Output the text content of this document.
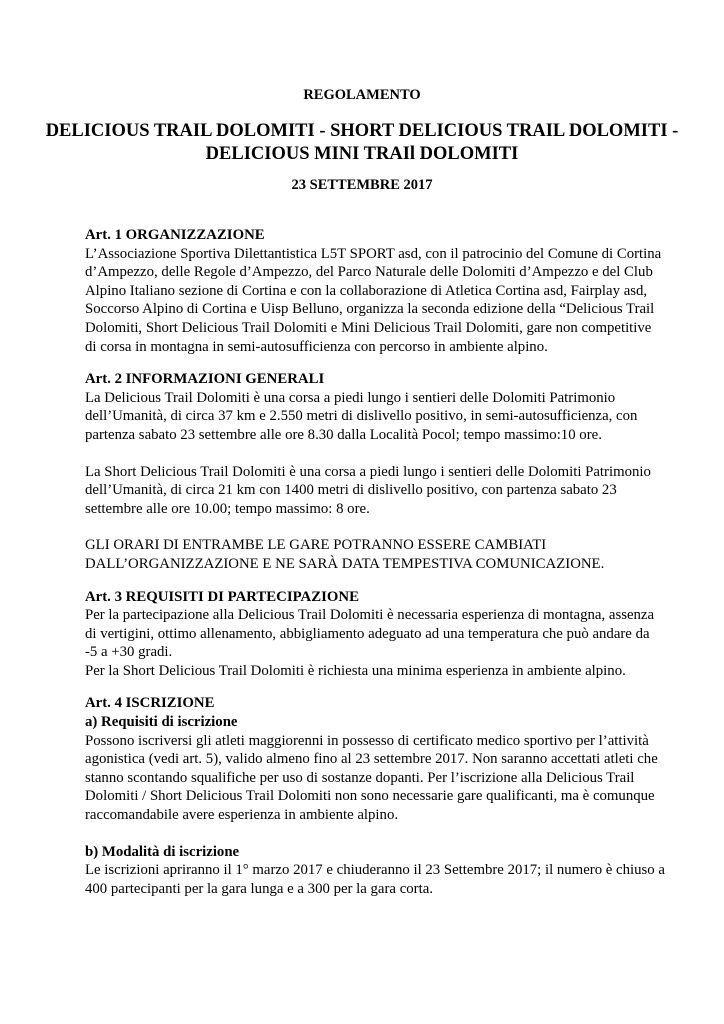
REGOLAMENTO
DELICIOUS TRAIL DOLOMITI - SHORT DELICIOUS TRAIL DOLOMITI - DELICIOUS MINI TRAIl DOLOMITI
23 SETTEMBRE 2017
Art. 1 ORGANIZZAZIONE

L’Associazione Sportiva Dilettantistica L5T SPORT asd, con il patrocinio del Comune di Cortina d’Ampezzo, delle Regole d’Ampezzo, del Parco Naturale delle Dolomiti d’Ampezzo e del Club Alpino Italiano sezione di Cortina e con la collaborazione di Atletica Cortina asd, Fairplay asd, Soccorso Alpino di Cortina e Uisp Belluno, organizza la seconda edizione della “Delicious Trail Dolomiti, Short Delicious Trail Dolomiti e Mini Delicious Trail Dolomiti, gare non competitive di corsa in montagna in semi-autosufficienza con percorso in ambiente alpino.

Art. 2 INFORMAZIONI GENERALI

La Delicious Trail Dolomiti è una corsa a piedi lungo i sentieri delle Dolomiti Patrimonio dell’Umanità, di circa 37 km e 2.550 metri di dislivello positivo, in semi-autosufficienza, con partenza sabato 23 settembre alle ore 8.30 dalla Località Pocol; tempo massimo:10 ore.

La Short Delicious Trail Dolomiti è una corsa a piedi lungo i sentieri delle Dolomiti Patrimonio dell’Umanità, di circa 21 km con 1400 metri di dislivello positivo, con partenza sabato 23 settembre alle ore 10.00; tempo massimo: 8 ore.

GLI ORARI DI ENTRAMBE LE GARE POTRANNO ESSERE CAMBIATI DALL’ORGANIZZAZIONE E NE SARÀ DATA TEMPESTIVA COMUNICAZIONE.

Art. 3 REQUISITI DI PARTECIPAZIONE

Per la partecipazione alla Delicious Trail Dolomiti è necessaria esperienza di montagna, assenza di vertigini, ottimo allenamento, abbigliamento adeguato ad una temperatura che può andare da -5 a +30 gradi.

Per la Short Delicious Trail Dolomiti è richiesta una minima esperienza in ambiente alpino.

Art. 4 ISCRIZIONE
a) Requisiti di iscrizione

Possono iscriversi gli atleti maggiorenni in possesso di certificato medico sportivo per l’attività agonistica (vedi art. 5), valido almeno fino al 23 settembre 2017. Non saranno accettati atleti che stanno scontando squalifiche per uso di sostanze dopanti. Per l’iscrizione alla Delicious Trail Dolomiti / Short Delicious Trail Dolomiti non sono necessarie gare qualificanti, ma è comunque raccomandabile avere esperienza in ambiente alpino.

b) Modalità di iscrizione

Le iscrizioni apriranno il 1° marzo 2017 e chiuderanno il 23 Settembre 2017; il numero è chiuso a 400 partecipanti per la gara lunga e a 300 per la gara corta.
